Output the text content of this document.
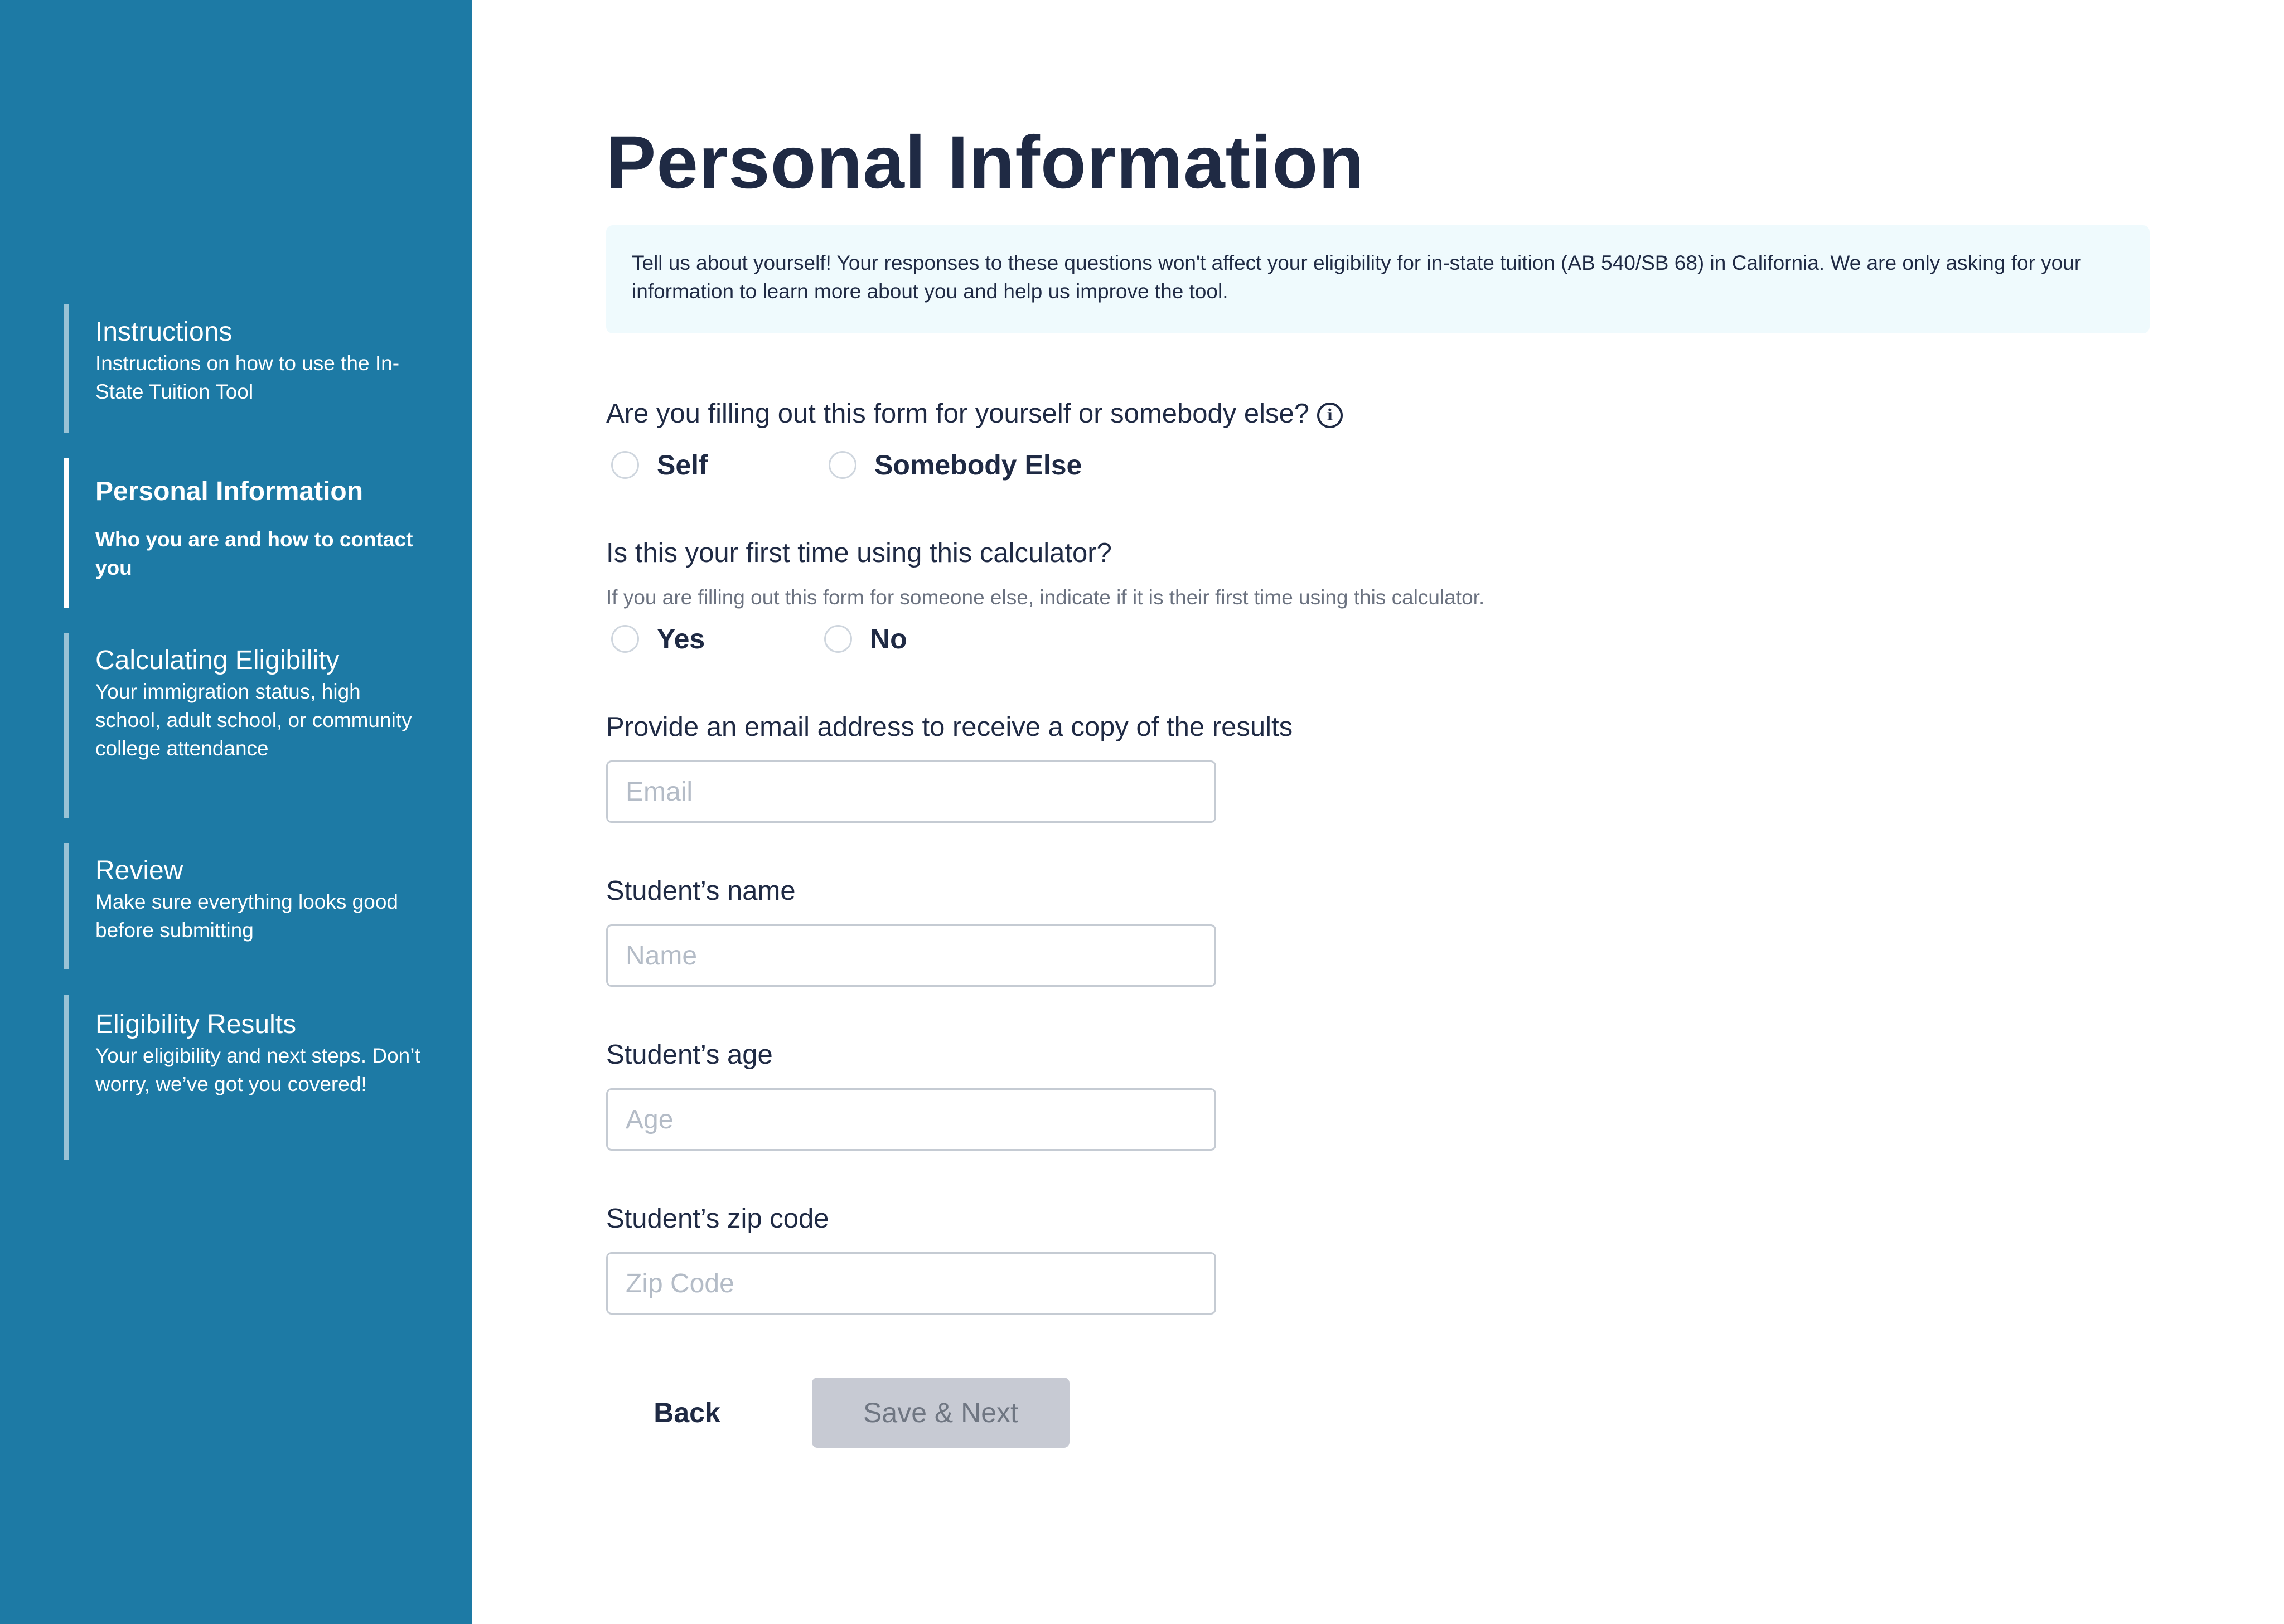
Instructions
Instructions on how to use the In-State Tuition Tool
Personal Information
Who you are and how to contact you
Calculating Eligibility
Your immigration status, high school, adult school, or community college attendance
Review
Make sure everything looks good before submitting
Eligibility Results
Your eligibility and next steps. Don’t worry, we’ve got you covered!
Personal Information
Tell us about yourself! Your responses to these questions won't affect your eligibility for in-state tuition (AB 540/SB 68) in California. We are only asking for your information to learn more about you and help us improve the tool.
Are you filling out this form for yourself or somebody else? i
Self	Somebody Else
Is this your first time using this calculator?
If you are filling out this form for someone else, indicate if it is their first time using this calculator.
Yes	No
Provide an email address to receive a copy of the results
Email
Student’s name
Name
Student’s age
Age
Student’s zip code
Zip Code
Back	Save & Next
